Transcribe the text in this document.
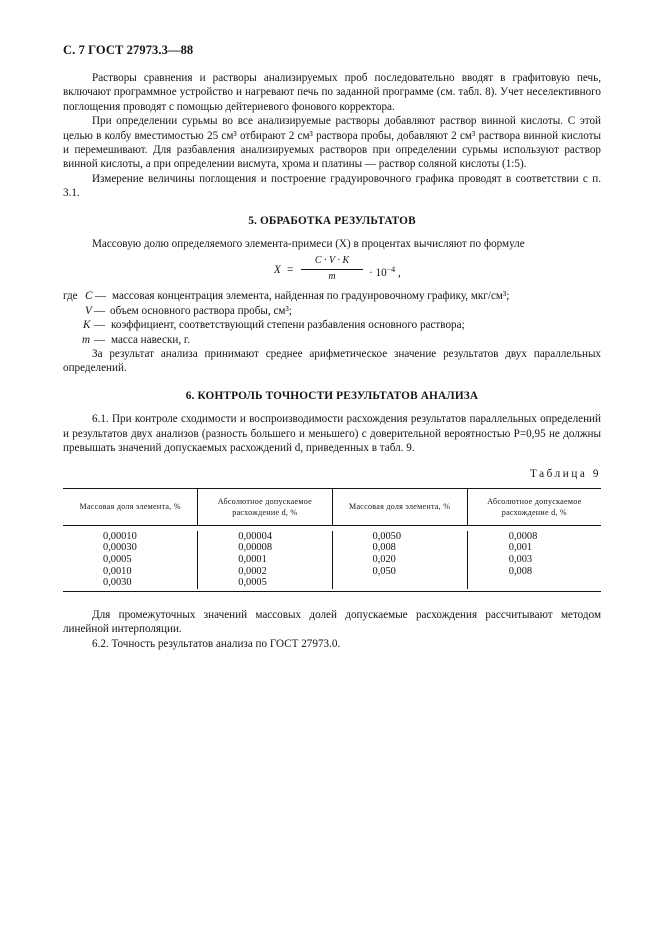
С. 7 ГОСТ 27973.3—88

Растворы сравнения и растворы анализируемых проб последовательно вводят в графитовую печь, включают программное устройство и нагревают печь по заданной программе (см. табл. 8). Учет неселективного поглощения проводят с помощью дейтериевого фонового корректора.

При определении сурьмы во все анализируемые растворы добавляют раствор винной кислоты. С этой целью в колбу вместимостью 25 см³ отбирают 2 см³ раствора пробы, добавляют 2 см³ раствора винной кислоты и перемешивают. Для разбавления анализируемых растворов при определении сурьмы используют раствор винной кислоты, а при определении висмута, хрома и платины — раствор соляной кислоты (1:5).

Измерение величины поглощения и построение градуировочного графика проводят в соответствии с п. 3.1.

5. ОБРАБОТКА РЕЗУЛЬТАТОВ

Массовую долю определяемого элемента-примеси (X) в процентах вычисляют по формуле

$X = \frac{C \cdot V \cdot K}{m} \cdot 10^{-4}$ ,
где C — массовая концентрация элемента, найденная по градуировочному графику, мкг/см³;
V — объем основного раствора пробы, см³;
K — коэффициент, соответствующий степени разбавления основного раствора;
m — масса навески, г.

За результат анализа принимают среднее арифметическое значение результатов двух параллельных определений.

6. КОНТРОЛЬ ТОЧНОСТИ РЕЗУЛЬТАТОВ АНАЛИЗА

6.1. При контроле сходимости и воспроизводимости расхождения результатов параллельных определений и результатов двух анализов (разность большего и меньшего) с доверительной вероятностью P=0,95 не должны превышать значений допускаемых расхождений d, приведенных в табл. 9.

Таблица 9
Массовая доля элемента, %
Абсолютное допускаемое расхождение d, %
Массовая доля элемента, %
Абсолютное допускаемое расхождение d, %
0,00010
0,00030
0,0005
0,0010
0,0030
0,00004
0,00008
0,0001
0,0002
0,0005
0,0050
0,008
0,020
0,050
0,0008
0,001
0,003
0,008

Для промежуточных значений массовых долей допускаемые расхождения рассчитывают методом линейной интерполяции.

6.2. Точность результатов анализа по ГОСТ 27973.0.
